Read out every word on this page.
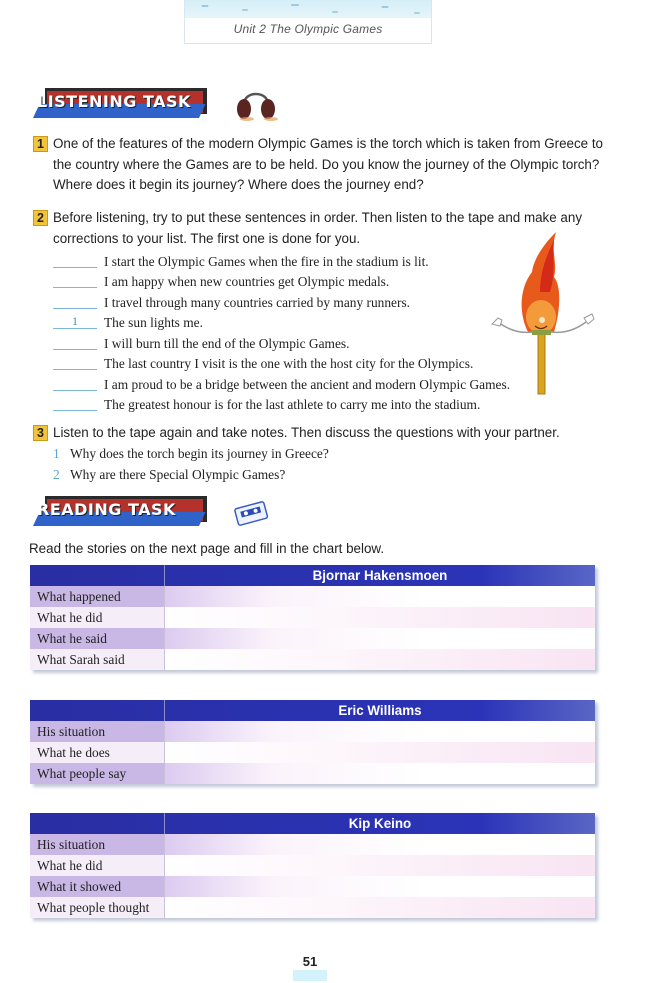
Unit 2 The Olympic Games
LISTENING TASK
1 One of the features of the modern Olympic Games is the torch which is taken from Greece to the country where the Games are to be held. Do you know the journey of the Olympic torch? Where does it begin its journey? Where does the journey end?
2 Before listening, try to put these sentences in order. Then listen to the tape and make any corrections to your list. The first one is done for you.
I start the Olympic Games when the fire in the stadium is lit.
I am happy when new countries get Olympic medals.
I travel through many countries carried by many runners.
1	The sun lights me.
I will burn till the end of the Olympic Games.
The last country I visit is the one with the host city for the Olympics.
I am proud to be a bridge between the ancient and modern Olympic Games.
The greatest honour is for the last athlete to carry me into the stadium.
3 Listen to the tape again and take notes. Then discuss the questions with your partner.
1 Why does the torch begin its journey in Greece?
2 Why are there Special Olympic Games?
READING TASK
Read the stories on the next page and fill in the chart below.
Bjornar Hakensmoen
What happened
What he did
What he said
What Sarah said
Eric Williams
His situation
What he does
What people say
Kip Keino
His situation
What he did
What it showed
What people thought
51
